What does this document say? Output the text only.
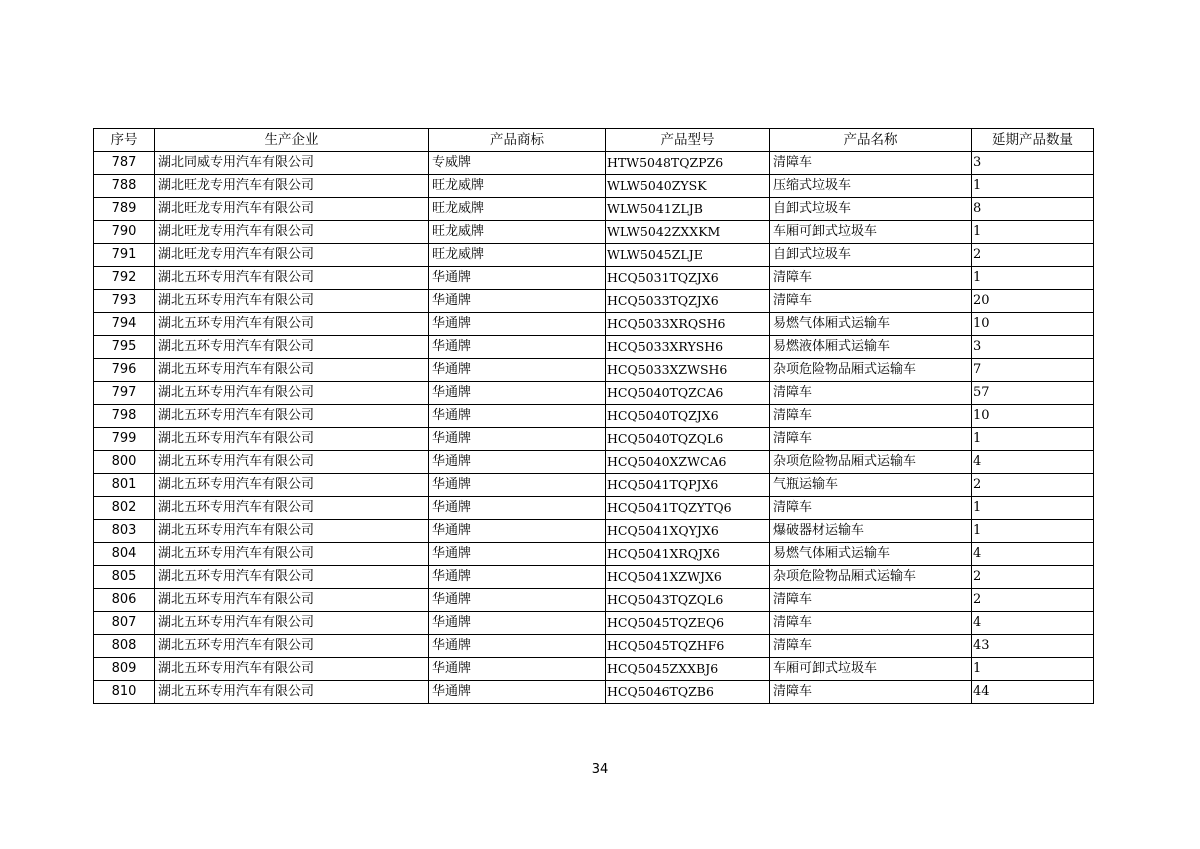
序号	生产企业	产品商标	产品型号	产品名称	延期产品数量
787	湖北同威专用汽车有限公司	专威牌	HTW5048TQZPZ6	清障车	3
788	湖北旺龙专用汽车有限公司	旺龙威牌	WLW5040ZYSK	压缩式垃圾车	1
789	湖北旺龙专用汽车有限公司	旺龙威牌	WLW5041ZLJB	自卸式垃圾车	8
790	湖北旺龙专用汽车有限公司	旺龙威牌	WLW5042ZXXKM	车厢可卸式垃圾车	1
791	湖北旺龙专用汽车有限公司	旺龙威牌	WLW5045ZLJE	自卸式垃圾车	2
792	湖北五环专用汽车有限公司	华通牌	HCQ5031TQZJX6	清障车	1
793	湖北五环专用汽车有限公司	华通牌	HCQ5033TQZJX6	清障车	20
794	湖北五环专用汽车有限公司	华通牌	HCQ5033XRQSH6	易燃气体厢式运输车	10
795	湖北五环专用汽车有限公司	华通牌	HCQ5033XRYSH6	易燃液体厢式运输车	3
796	湖北五环专用汽车有限公司	华通牌	HCQ5033XZWSH6	杂项危险物品厢式运输车	7
797	湖北五环专用汽车有限公司	华通牌	HCQ5040TQZCA6	清障车	57
798	湖北五环专用汽车有限公司	华通牌	HCQ5040TQZJX6	清障车	10
799	湖北五环专用汽车有限公司	华通牌	HCQ5040TQZQL6	清障车	1
800	湖北五环专用汽车有限公司	华通牌	HCQ5040XZWCA6	杂项危险物品厢式运输车	4
801	湖北五环专用汽车有限公司	华通牌	HCQ5041TQPJX6	气瓶运输车	2
802	湖北五环专用汽车有限公司	华通牌	HCQ5041TQZYTQ6	清障车	1
803	湖北五环专用汽车有限公司	华通牌	HCQ5041XQYJX6	爆破器材运输车	1
804	湖北五环专用汽车有限公司	华通牌	HCQ5041XRQJX6	易燃气体厢式运输车	4
805	湖北五环专用汽车有限公司	华通牌	HCQ5041XZWJX6	杂项危险物品厢式运输车	2
806	湖北五环专用汽车有限公司	华通牌	HCQ5043TQZQL6	清障车	2
807	湖北五环专用汽车有限公司	华通牌	HCQ5045TQZEQ6	清障车	4
808	湖北五环专用汽车有限公司	华通牌	HCQ5045TQZHF6	清障车	43
809	湖北五环专用汽车有限公司	华通牌	HCQ5045ZXXBJ6	车厢可卸式垃圾车	1
810	湖北五环专用汽车有限公司	华通牌	HCQ5046TQZB6	清障车	44
34
